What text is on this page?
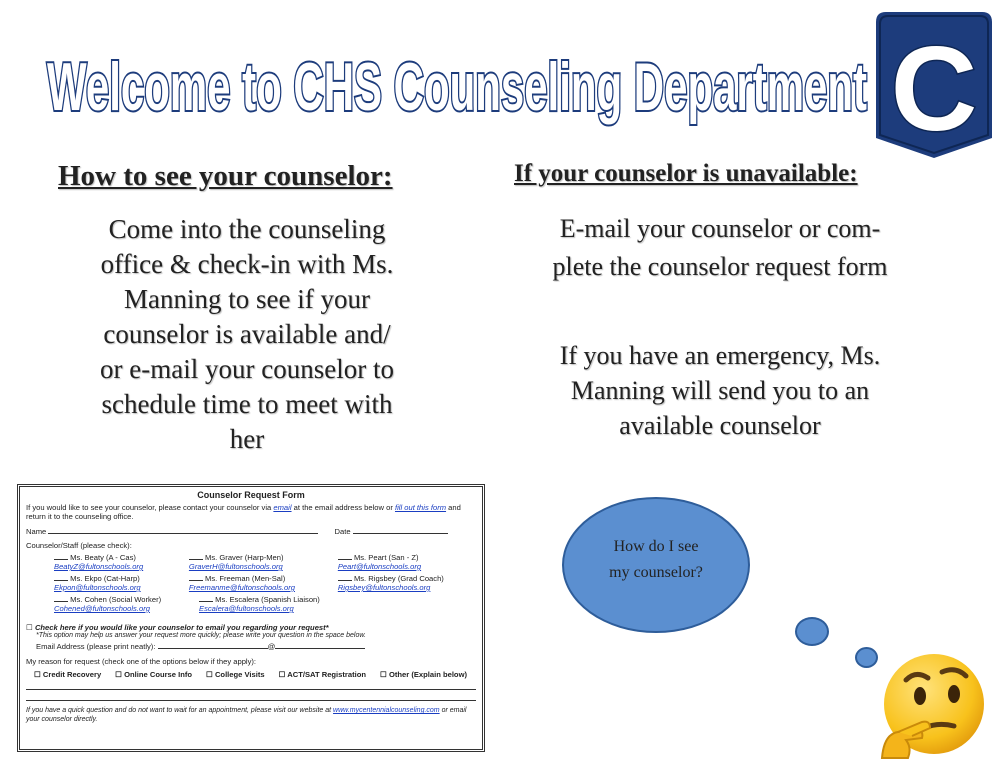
Welcome to CHS Counseling Department C
How to see your counselor:
Come into the counseling
office & check-in with Ms.
Manning to see if your
counselor is available and/
or e-mail your counselor to
schedule time to meet with
her
If your counselor is unavailable:
E-mail your counselor or com-
plete the counselor request form
If you have an emergency, Ms.
Manning will send you to an
available counselor
Counselor Request Form
If you would like to see your counselor, please contact your counselor via email at the email address below or fill out this form and return it to the counseling office.
Name	Date
Counselor/Staff (please check):
Ms. Beaty (A - Cas)
BeatyZ@fultonschools.org
Ms. Graver (Harp-Men)
GraverH@fultonschools.org
Ms. Peart (San - Z)
Peart@fultonschools.org
Ms. Ekpo (Cat-Harp)
Ekpon@fultonschools.org
Ms. Freeman (Men-Sal)
Freemanme@fultonschools.org
Ms. Rigsbey (Grad Coach)
Rigsbey@fultonschools.org
Ms. Cohen (Social Worker)
Cohened@fultonschools.org
Ms. Escalera (Spanish Liaison)
Escalera@fultonschools.org
☐ Check here if you would like your counselor to email you regarding your request*
*This option may help us answer your request more quickly; please write your question in the space below.
Email Address (please print neatly):	@
My reason for request (check one of the options below if they apply):
☐ Credit Recovery ☐ Online Course Info ☐ College Visits ☐ ACT/SAT Registration ☐ Other (Explain below)
If you have a quick question and do not want to wait for an appointment, please visit our website at www.mycentennialcounseling.com or email your counselor directly.
How do I see
my counselor?
